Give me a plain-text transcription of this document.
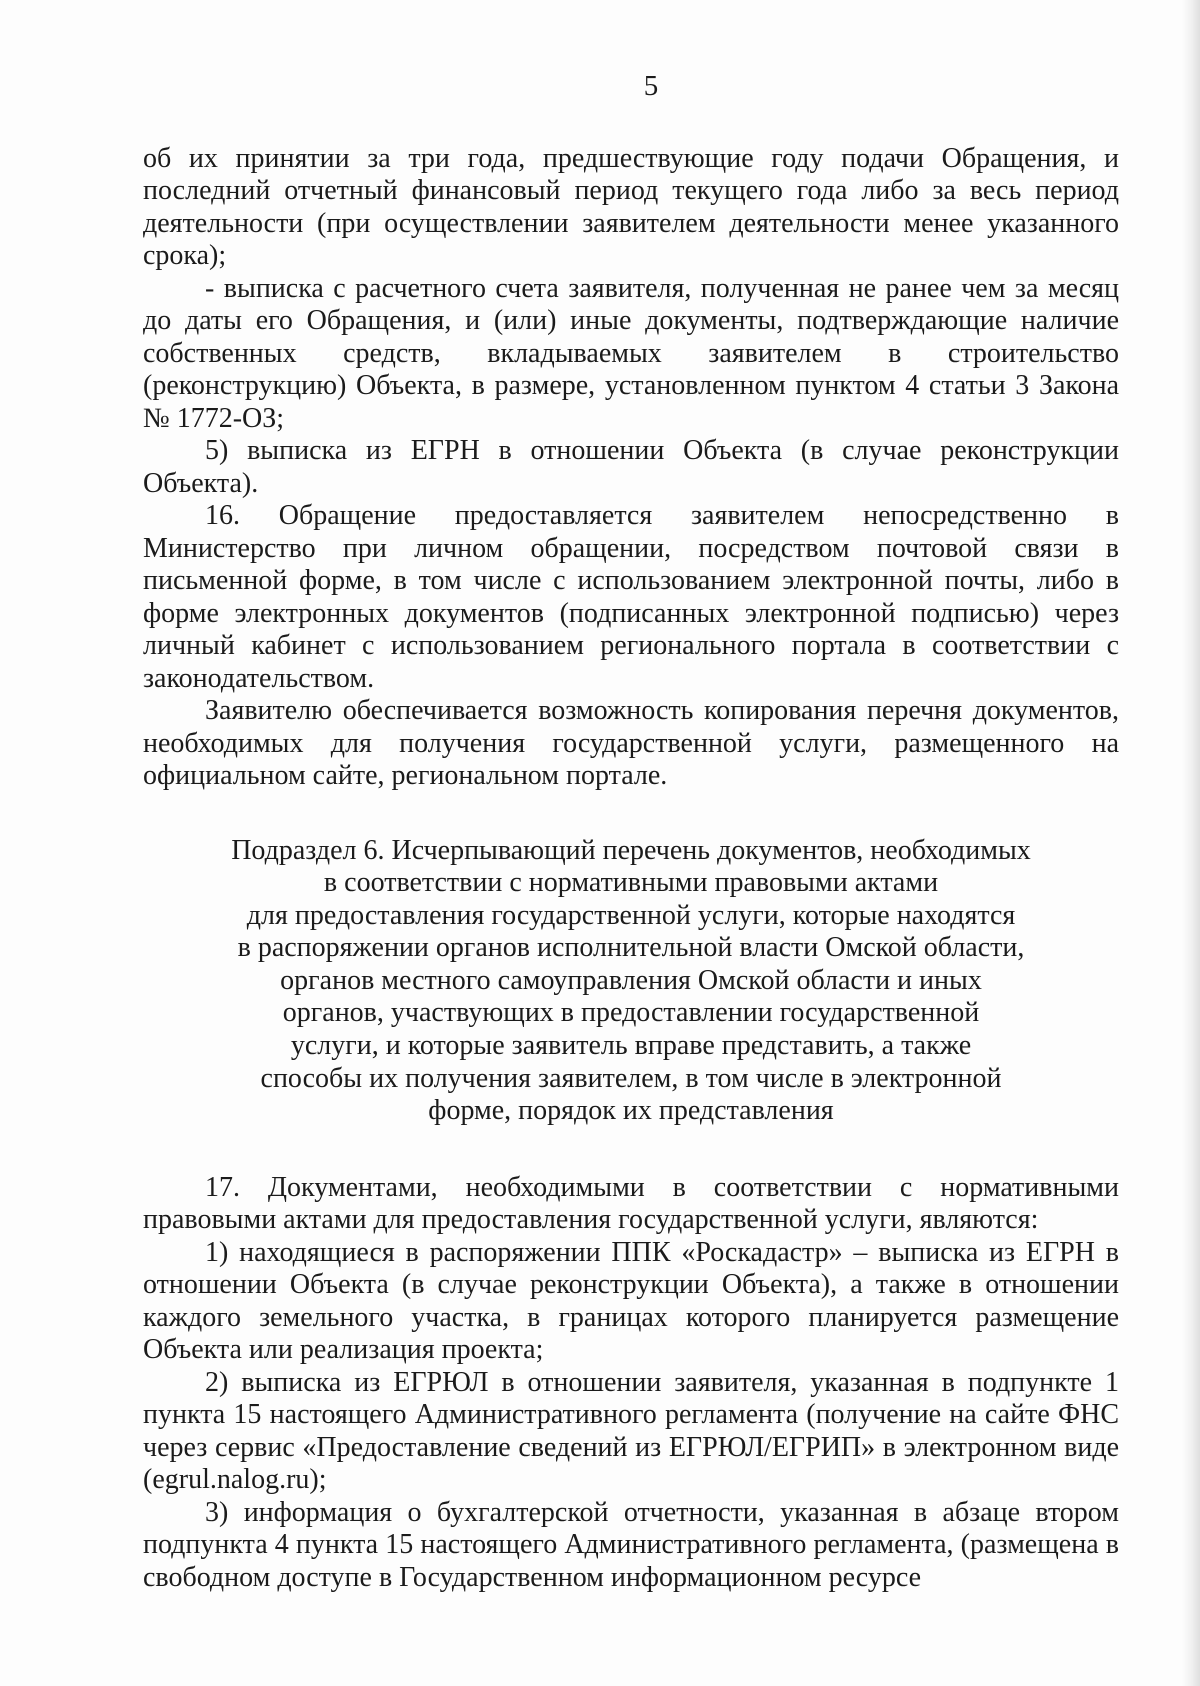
5

об их принятии за три года, предшествующие году подачи Обращения, и последний отчетный финансовый период текущего года либо за весь период деятельности (при осуществлении заявителем деятельности менее указанного срока);

- выписка с расчетного счета заявителя, полученная не ранее чем за месяц до даты его Обращения, и (или) иные документы, подтверждающие наличие собственных средств, вкладываемых заявителем в строительство (реконструкцию) Объекта, в размере, установленном пунктом 4 статьи 3 Закона № 1772-ОЗ;

5) выписка из ЕГРН в отношении Объекта (в случае реконструкции Объекта).

16. Обращение предоставляется заявителем непосредственно в Министерство при личном обращении, посредством почтовой связи в письменной форме, в том числе с использованием электронной почты, либо в форме электронных документов (подписанных электронной подписью) через личный кабинет с использованием регионального портала в соответствии с законодательством.

Заявителю обеспечивается возможность копирования перечня документов, необходимых для получения государственной услуги, размещенного на официальном сайте, региональном портале.

Подраздел 6. Исчерпывающий перечень документов, необходимых
в соответствии с нормативными правовыми актами
для предоставления государственной услуги, которые находятся
в распоряжении органов исполнительной власти Омской области,
органов местного самоуправления Омской области и иных
органов, участвующих в предоставлении государственной
услуги, и которые заявитель вправе представить, а также
способы их получения заявителем, в том числе в электронной
форме, порядок их представления

17. Документами, необходимыми в соответствии с нормативными правовыми актами для предоставления государственной услуги, являются:

1) находящиеся в распоряжении ППК «Роскадастр» – выписка из ЕГРН в отношении Объекта (в случае реконструкции Объекта), а также в отношении каждого земельного участка, в границах которого планируется размещение Объекта или реализация проекта;

2) выписка из ЕГРЮЛ в отношении заявителя, указанная в подпункте 1 пункта 15 настоящего Административного регламента (получение на сайте ФНС через сервис «Предоставление сведений из ЕГРЮЛ/ЕГРИП» в электронном виде (egrul.nalog.ru);

3) информация о бухгалтерской отчетности, указанная в абзаце втором подпункта 4 пункта 15 настоящего Административного регламента, (размещена в свободном доступе в Государственном информационном ресурсе
